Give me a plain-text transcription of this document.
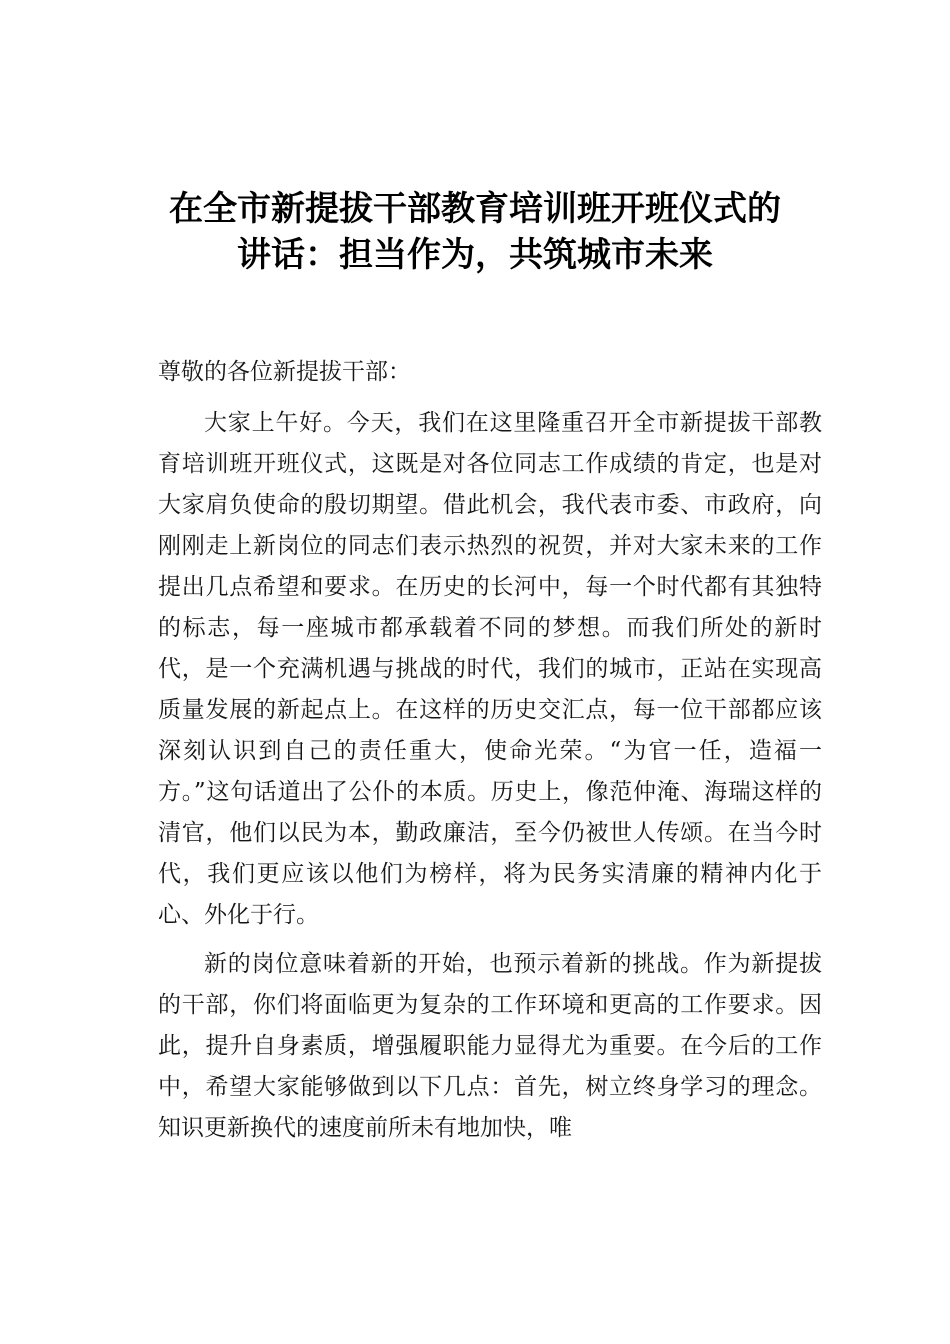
在全市新提拔干部教育培训班开班仪式的
讲话：担当作为，共筑城市未来

尊敬的各位新提拔干部：

大家上午好。今天，我们在这里隆重召开全市新提拔干部教育培训班开班仪式，这既是对各位同志工作成绩的肯定，也是对大家肩负使命的殷切期望。借此机会，我代表市委、市政府，向刚刚走上新岗位的同志们表示热烈的祝贺，并对大家未来的工作提出几点希望和要求。在历史的长河中，每一个时代都有其独特的标志，每一座城市都承载着不同的梦想。而我们所处的新时代，是一个充满机遇与挑战的时代，我们的城市，正站在实现高质量发展的新起点上。在这样的历史交汇点，每一位干部都应该深刻认识到自己的责任重大，使命光荣。“为官一任，造福一方。”这句话道出了公仆的本质。历史上，像范仲淹、海瑞这样的清官，他们以民为本，勤政廉洁，至今仍被世人传颂。在当今时代，我们更应该以他们为榜样，将为民务实清廉的精神内化于心、外化于行。

新的岗位意味着新的开始，也预示着新的挑战。作为新提拔的干部，你们将面临更为复杂的工作环境和更高的工作要求。因此，提升自身素质，增强履职能力显得尤为重要。在今后的工作中，希望大家能够做到以下几点：首先，树立终身学习的理念。知识更新换代的速度前所未有地加快，唯
